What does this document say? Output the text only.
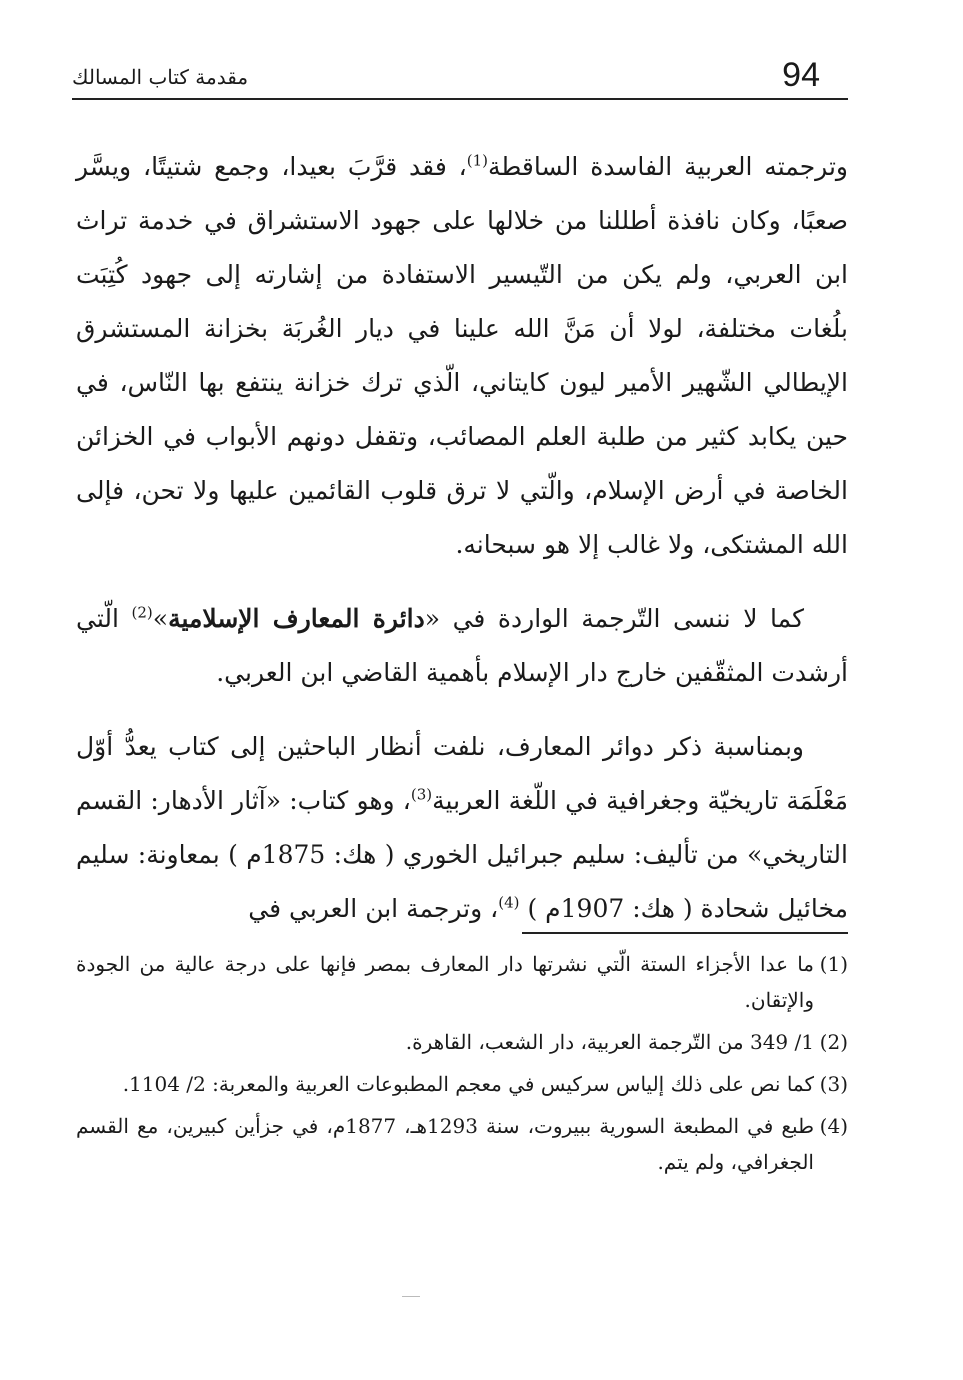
مقدمة كتاب المسالك	94

وترجمته العربية الفاسدة الساقطة$^{(1)}$، فقد قرَّبَ بعيدا، وجمع شتيتًا، ويسَّر صعبًا، وكان نافذة أطللنا من خلالها على جهود الاستشراق في خدمة تراث ابن العربي، ولم يكن من التّيسير الاستفادة من إشارته إلى جهود كُتِبَت بلُغات مختلفة، لولا أن مَنَّ الله علينا في ديار الغُربَة بخزانة المستشرق الإيطالي الشّهير الأمير ليون كايتاني، الّذي ترك خزانة ينتفع بها النّاس، في حين يكابد كثير من طلبة العلم المصائب، وتقفل دونهم الأبواب في الخزائن الخاصة في أرض الإسلام، والّتي لا ترق قلوب القائمين عليها ولا تحن، فإلى الله المشتكى، ولا غالب إلا هو سبحانه.

كما لا ننسى التّرجمة الواردة في «دائرة المعارف الإسلامية»$^{(2)}$ الّتي أرشدت المثقّفين خارج دار الإسلام بأهمية القاضي ابن العربي.

وبمناسبة ذكر دوائر المعارف، نلفت أنظار الباحثين إلى كتاب يعدُّ أوّل مَعْلَمَة تاريخيّة وجغرافية في اللّغة العربية$^{(3)}$، وهو كتاب: «آثار الأدهار: القسم التاريخي» من تأليف: سليم جبرائيل الخوري ( هك: 1875م ) بمعاونة: سليم مخائيل شحادة ( هك: 1907م ) $^{(4)}$، وترجمة ابن العربي في

(1)
ما عدا الأجزاء الستة الّتي نشرتها دار المعارف بمصر فإنها على درجة عالية من الجودة والإتقان.
(2)
1/ 349 من التّرجمة العربية، دار الشعب، القاهرة.
(3)
كما نص على ذلك إلياس سركيس في معجم المطبوعات العربية والمعربة: 2/ 1104.
(4)
طبع في المطبعة السورية ببيروت، سنة 1293هـ، 1877م، في جزأين كبيرين، مع القسم الجغرافي، ولم يتم.
